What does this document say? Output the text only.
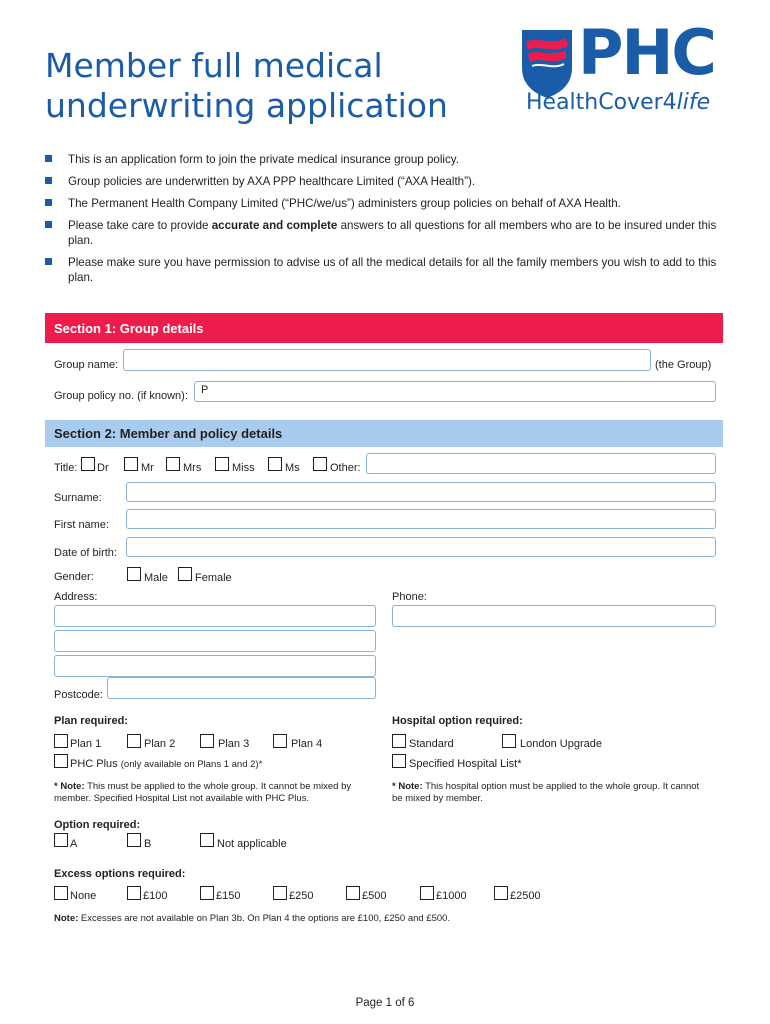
Member full medical
underwriting application
PHC
HealthCover4life
This is an application form to join the private medical insurance group policy.
Group policies are underwritten by AXA PPP healthcare Limited (“AXA Health”).
The Permanent Health Company Limited (“PHC/we/us”) administers group policies on behalf of AXA Health.
Please take care to provide accurate and complete answers to all questions for all members who are to be insured under this plan.
Please make sure you have permission to advise us of all the medical details for all the family members you wish to add to this plan.
Section 1: Group details
Group name:	(the Group)
Group policy no. (if known):	P
Section 2: Member and policy details
Title: Dr	Mr	Mrs	Miss	Ms	Other:
Surname:
First name:
Date of birth:
Gender:	Male Female
Address:
Postcode:
Phone:
Plan required:
Plan 1	Plan 2	Plan 3	Plan 4
PHC Plus (only available on Plans 1 and 2)*
* Note: This must be applied to the whole group. It cannot be mixed by member. Specified Hospital List not available with PHC Plus.
Hospital option required:
Standard	London Upgrade
Specified Hospital List*
* Note: This hospital option must be applied to the whole group. It cannot be mixed by member.
Option required:
A	B	Not applicable
Excess options required:
None	£100	£150	£250	£500	£1000	£2500
Note: Excesses are not available on Plan 3b. On Plan 4 the options are £100, £250 and £500.
Page 1 of 6
